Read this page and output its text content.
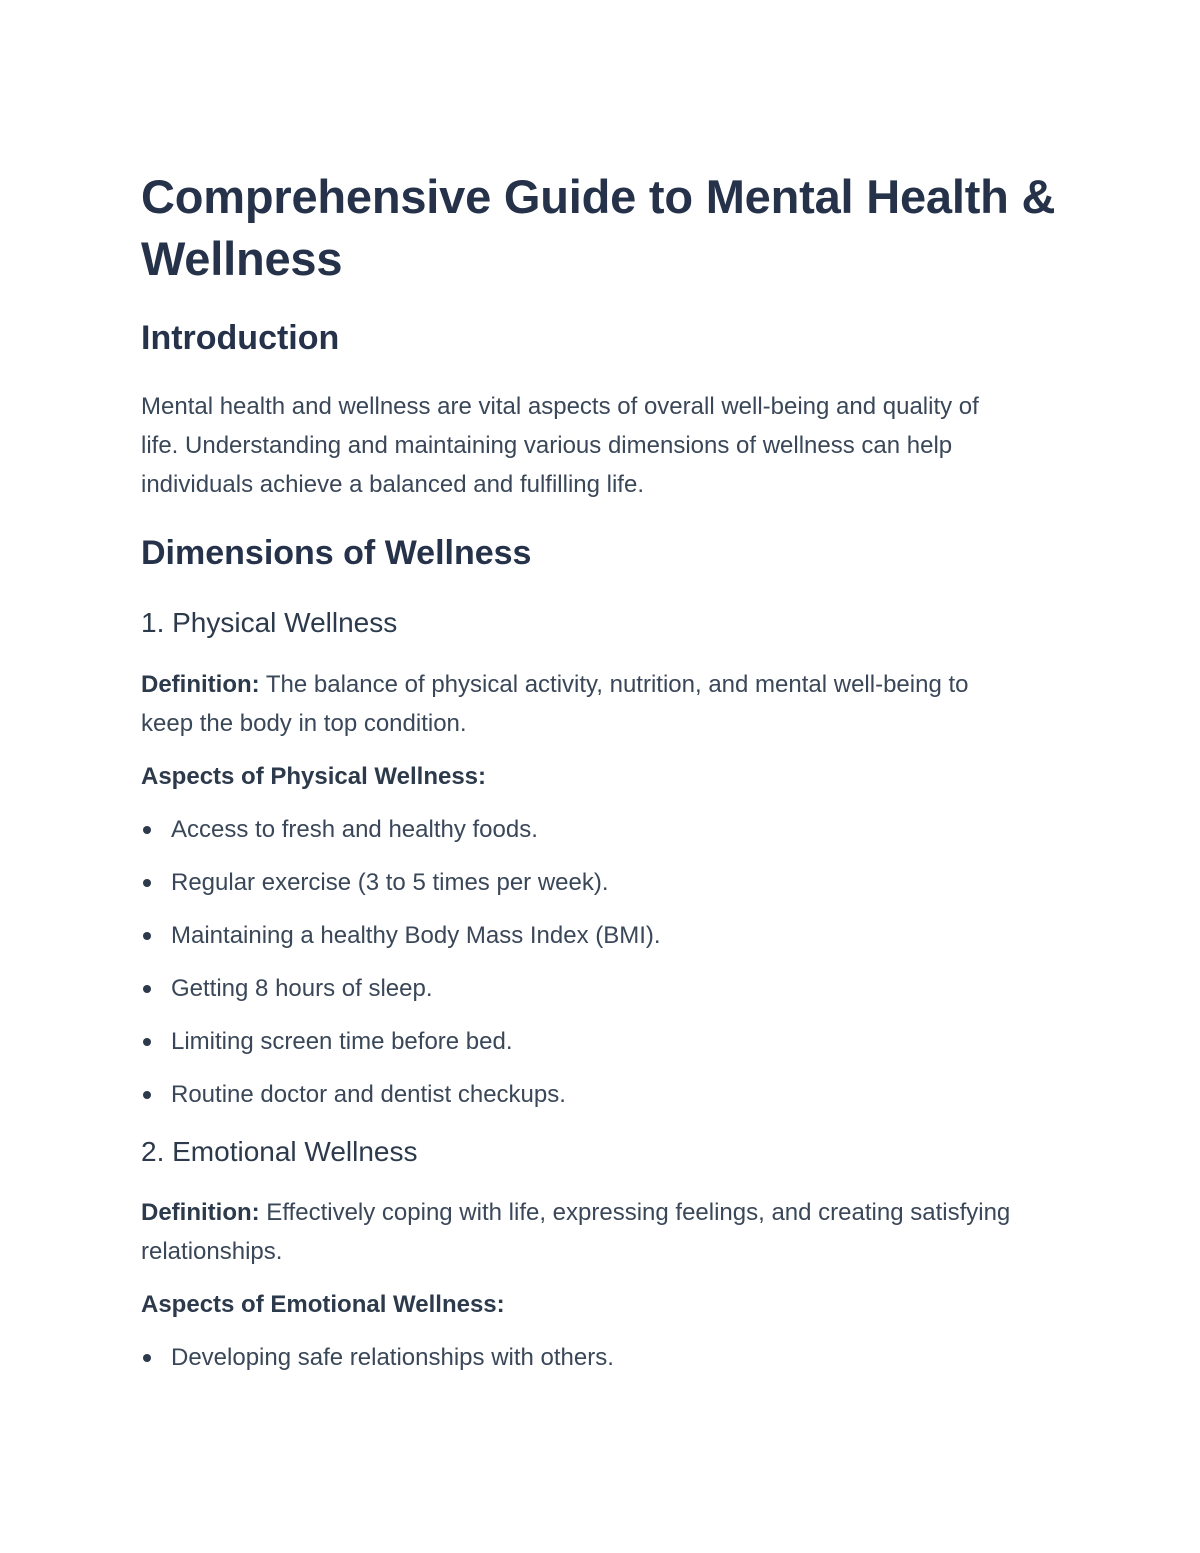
Comprehensive Guide to Mental Health & Wellness
Introduction

Mental health and wellness are vital aspects of overall well-being and quality of life. Understanding and maintaining various dimensions of wellness can help individuals achieve a balanced and fulfilling life.

Dimensions of Wellness
1. Physical Wellness

Definition: The balance of physical activity, nutrition, and mental well-being to keep the body in top condition.

Aspects of Physical Wellness:

Access to fresh and healthy foods.
Regular exercise (3 to 5 times per week).
Maintaining a healthy Body Mass Index (BMI).
Getting 8 hours of sleep.
Limiting screen time before bed.
Routine doctor and dentist checkups.
2. Emotional Wellness

Definition: Effectively coping with life, expressing feelings, and creating satisfying relationships.

Aspects of Emotional Wellness:

Developing safe relationships with others.
